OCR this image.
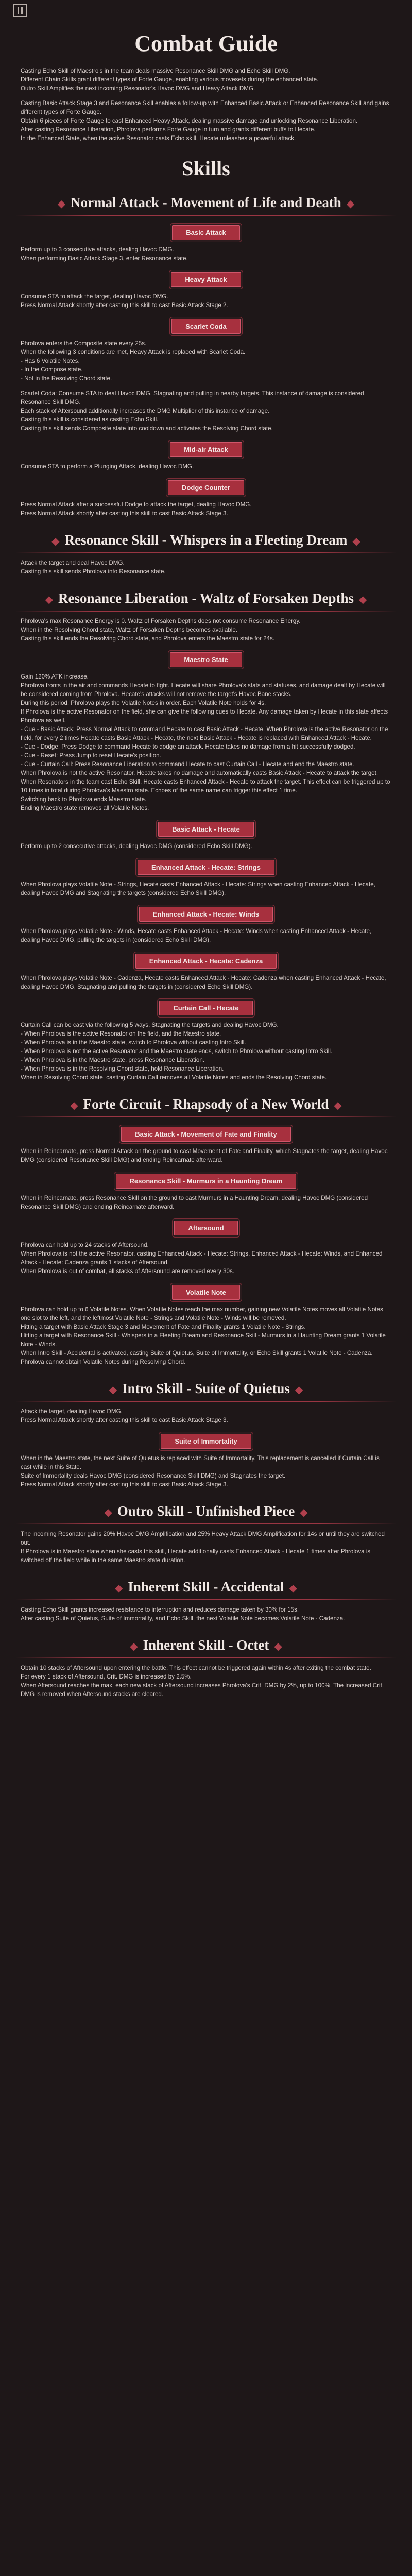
Combat Guide

Casting Echo Skill of Maestro's in the team deals massive Resonance Skill DMG and Echo Skill DMG.
Different Chain Skills grant different types of Forte Gauge, enabling various movesets during the enhanced state.
Outro Skill Amplifies the next incoming Resonator's Havoc DMG and Heavy Attack DMG.

Casting Basic Attack Stage 3 and Resonance Skill enables a follow-up with Enhanced Basic Attack or Enhanced Resonance Skill and gains different types of Forte Gauge.
Obtain 6 pieces of Forte Gauge to cast Enhanced Heavy Attack, dealing massive damage and unlocking Resonance Liberation.
After casting Resonance Liberation, Phrolova performs Forte Gauge in turn and grants different buffs to Hecate.
In the Enhanced State, when the active Resonator casts Echo skill, Hecate unleashes a powerful attack.

Skills
◆ Normal Attack - Movement of Life and Death ◆
Basic Attack

Perform up to 3 consecutive attacks, dealing Havoc DMG.
When performing Basic Attack Stage 3, enter Resonance state.

Heavy Attack

Consume STA to attack the target, dealing Havoc DMG.
Press Normal Attack shortly after casting this skill to cast Basic Attack Stage 2.

Scarlet Coda

Phrolova enters the Composite state every 25s.
When the following 3 conditions are met, Heavy Attack is replaced with Scarlet Coda.
- Has 6 Volatile Notes.
- In the Compose state.
- Not in the Resolving Chord state.

Scarlet Coda: Consume STA to deal Havoc DMG, Stagnating and pulling in nearby targets. This instance of damage is considered Resonance Skill DMG.
Each stack of Aftersound additionally increases the DMG Multiplier of this instance of damage.
Casting this skill is considered as casting Echo Skill.
Casting this skill sends Composite state into cooldown and activates the Resolving Chord state.

Mid-air Attack

Consume STA to perform a Plunging Attack, dealing Havoc DMG.

Dodge Counter

Press Normal Attack after a successful Dodge to attack the target, dealing Havoc DMG.
Press Normal Attack shortly after casting this skill to cast Basic Attack Stage 3.

◆ Resonance Skill - Whispers in a Fleeting Dream ◆

Attack the target and deal Havoc DMG.
Casting this skill sends Phrolova into Resonance state.

◆ Resonance Liberation - Waltz of Forsaken Depths ◆

Phrolova's max Resonance Energy is 0. Waltz of Forsaken Depths does not consume Resonance Energy.
When in the Resolving Chord state, Waltz of Forsaken Depths becomes available.
Casting this skill ends the Resolving Chord state, and Phrolova enters the Maestro state for 24s.

Maestro State

Gain 120% ATK increase.
Phrolova fronts in the air and commands Hecate to fight. Hecate will share Phrolova's stats and statuses, and damage dealt by Hecate will be considered coming from Phrolova. Hecate's attacks will not remove the target's Havoc Bane stacks.
During this period, Phrolova plays the Volatile Notes in order. Each Volatile Note holds for 4s.
If Phrolova is the active Resonator on the field, she can give the following cues to Hecate. Any damage taken by Hecate in this state affects Phrolova as well.
- Cue - Basic Attack: Press Normal Attack to command Hecate to cast Basic Attack - Hecate. When Phrolova is the active Resonator on the field, for every 2 times Hecate casts Basic Attack - Hecate, the next Basic Attack - Hecate is replaced with Enhanced Attack - Hecate.
- Cue - Dodge: Press Dodge to command Hecate to dodge an attack. Hecate takes no damage from a hit successfully dodged.
- Cue - Reset: Press Jump to reset Hecate's position.
- Cue - Curtain Call: Press Resonance Liberation to command Hecate to cast Curtain Call - Hecate and end the Maestro state.
When Phrolova is not the active Resonator, Hecate takes no damage and automatically casts Basic Attack - Hecate to attack the target. When Resonators in the team cast Echo Skill, Hecate casts Enhanced Attack - Hecate to attack the target. This effect can be triggered up to 10 times in total during Phrolova's Maestro state. Echoes of the same name can trigger this effect 1 time.
Switching back to Phrolova ends Maestro state.
Ending Maestro state removes all Volatile Notes.

Basic Attack - Hecate

Perform up to 2 consecutive attacks, dealing Havoc DMG (considered Echo Skill DMG).

Enhanced Attack - Hecate: Strings

When Phrolova plays Volatile Note - Strings, Hecate casts Enhanced Attack - Hecate: Strings when casting Enhanced Attack - Hecate, dealing Havoc DMG and Stagnating the targets (considered Echo Skill DMG).

Enhanced Attack - Hecate: Winds

When Phrolova plays Volatile Note - Winds, Hecate casts Enhanced Attack - Hecate: Winds when casting Enhanced Attack - Hecate, dealing Havoc DMG, pulling the targets in (considered Echo Skill DMG).

Enhanced Attack - Hecate: Cadenza

When Phrolova plays Volatile Note - Cadenza, Hecate casts Enhanced Attack - Hecate: Cadenza when casting Enhanced Attack - Hecate, dealing Havoc DMG, Stagnating and pulling the targets in (considered Echo Skill DMG).

Curtain Call - Hecate

Curtain Call can be cast via the following 5 ways, Stagnating the targets and dealing Havoc DMG.
- When Phrolova is the active Resonator on the field, and the Maestro state.
- When Phrolova is in the Maestro state, switch to Phrolova without casting Intro Skill.
- When Phrolova is not the active Resonator and the Maestro state ends, switch to Phrolova without casting Intro Skill.
- When Phrolova is in the Maestro state, press Resonance Liberation.
- When Phrolova is in the Resolving Chord state, hold Resonance Liberation.
When in Resolving Chord state, casting Curtain Call removes all Volatile Notes and ends the Resolving Chord state.

◆ Forte Circuit - Rhapsody of a New World ◆
Basic Attack - Movement of Fate and Finality

When in Reincarnate, press Normal Attack on the ground to cast Movement of Fate and Finality, which Stagnates the target, dealing Havoc DMG (considered Resonance Skill DMG) and ending Reincarnate afterward.

Resonance Skill - Murmurs in a Haunting Dream

When in Reincarnate, press Resonance Skill on the ground to cast Murmurs in a Haunting Dream, dealing Havoc DMG (considered Resonance Skill DMG) and ending Reincarnate afterward.

Aftersound

Phrolova can hold up to 24 stacks of Aftersound.
When Phrolova is not the active Resonator, casting Enhanced Attack - Hecate: Strings, Enhanced Attack - Hecate: Winds, and Enhanced Attack - Hecate: Cadenza grants 1 stacks of Aftersound.
When Phrolova is out of combat, all stacks of Aftersound are removed every 30s.

Volatile Note

Phrolova can hold up to 6 Volatile Notes. When Volatile Notes reach the max number, gaining new Volatile Notes moves all Volatile Notes one slot to the left, and the leftmost Volatile Note - Strings and Volatile Note - Winds will be removed.
Hitting a target with Basic Attack Stage 3 and Movement of Fate and Finality grants 1 Volatile Note - Strings.
Hitting a target with Resonance Skill - Whispers in a Fleeting Dream and Resonance Skill - Murmurs in a Haunting Dream grants 1 Volatile Note - Winds.
When Intro Skill - Accidental is activated, casting Suite of Quietus, Suite of Immortality, or Echo Skill grants 1 Volatile Note - Cadenza.
Phrolova cannot obtain Volatile Notes during Resolving Chord.

◆ Intro Skill - Suite of Quietus ◆

Attack the target, dealing Havoc DMG.
Press Normal Attack shortly after casting this skill to cast Basic Attack Stage 3.

Suite of Immortality

When in the Maestro state, the next Suite of Quietus is replaced with Suite of Immortality. This replacement is cancelled if Curtain Call is cast while in this State.
Suite of Immortality deals Havoc DMG (considered Resonance Skill DMG) and Stagnates the target.
Press Normal Attack shortly after casting this skill to cast Basic Attack Stage 3.

◆ Outro Skill - Unfinished Piece ◆

The incoming Resonator gains 20% Havoc DMG Amplification and 25% Heavy Attack DMG Amplification for 14s or until they are switched out.
If Phrolova is in Maestro state when she casts this skill, Hecate additionally casts Enhanced Attack - Hecate 1 times after Phrolova is switched off the field while in the same Maestro state duration.

◆ Inherent Skill - Accidental ◆

Casting Echo Skill grants increased resistance to interruption and reduces damage taken by 30% for 15s.
After casting Suite of Quietus, Suite of Immortality, and Echo Skill, the next Volatile Note becomes Volatile Note - Cadenza.

◆ Inherent Skill - Octet ◆

Obtain 10 stacks of Aftersound upon entering the battle. This effect cannot be triggered again within 4s after exiting the combat state.
For every 1 stack of Aftersound, Crit. DMG is increased by 2.5%.
When Aftersound reaches the max, each new stack of Aftersound increases Phrolova's Crit. DMG by 2%, up to 100%. The increased Crit. DMG is removed when Aftersound stacks are cleared.
